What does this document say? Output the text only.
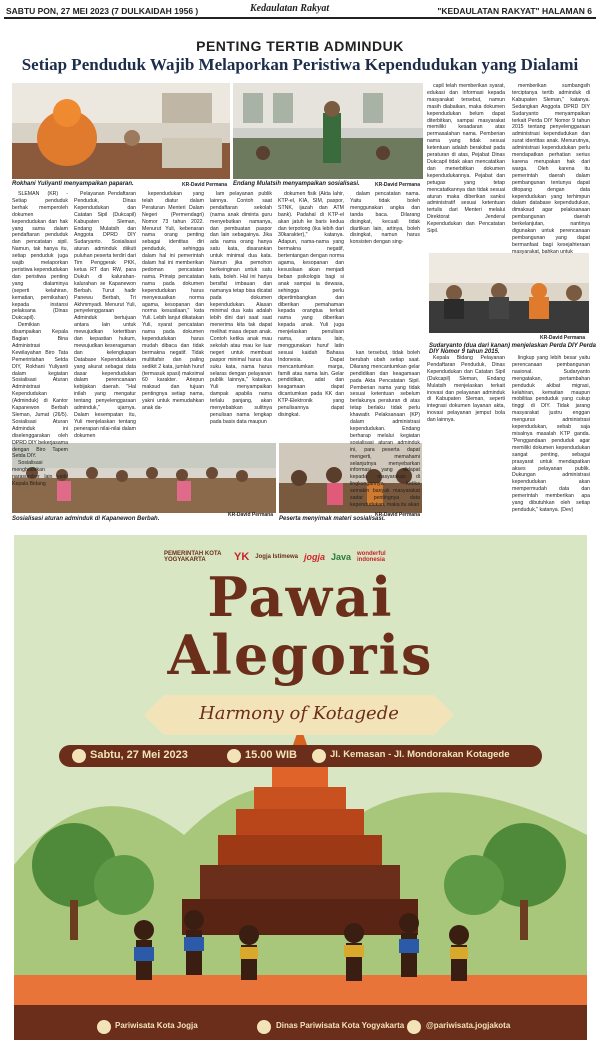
SABTU PON, 27 MEI 2023 (7 DULKAIDAH 1956 )	Kedaulatan Rakyat	"KEDAULATAN RAKYAT" HALAMAN 6
PENTING TERTIB ADMINDUK
Setiap Penduduk Wajib Melaporkan Peristiwa Kependudukan yang Dialami
Rokhani Yuliyanti menyampaikan paparan.	KR-David Permana Endang Mulatsih menyampaikan sosialisasi.	KR-David Permana
Sudaryanto (dua dari kanan) menjelaskan Perda DIY Perda DIY Nomor 9 tahun 2015.
KR-David Permana
Sosialisasi aturan adminduk di Kapanewon Berbah.
KR-David Permana
Peserta menyimak materi sosialisasi.
KR-David Permana

SLEMAN (KR) - Setiap penduduk berhak memperoleh dokumen kependudukan dan hak yang sama dalam pendaftaran penduduk dan pencatatan sipil. Namun, tak hanya itu, setiap penduduk juga wajib melaporkan peristiwa kependudukan dan peristiwa penting yang dialaminya (seperti kelahiran, kematian, pernikahan) kepada instansi pelaksana (Dinas Dukcapil).

Demikian disampaikan Kepala Bagian Bina Administrasi Kewilayahan Biro Tata Pemerintahan Setda DIY, Rokhani Yuliyanti dalam kegiatan Sosialisasi Aturan Administrasi Kependudukan (Adminduk) di Kantor Kapanewon Berbah Sleman, Jumat (26/5). Sosialisasi Aturan Adminduk ini diselenggarakan oleh DPRD DIY bekerjasama dengan Biro Tapem Setda DIY.

Sosialisasi menghadirkan narasumber lain yaitu Kepala Bidang

Pelayanan Pendaftaran Penduduk, Dinas Kependudukan dan Catatan Sipil (Dukcapil) Kabupaten Sleman, Endang Mulatsih dan Anggota DPRD DIY Sudaryanto. Sosialisasi aturan adminduk diikuti puluhan peserta terdiri dari Tim Penggerak PKK, ketua RT dan RW, para Dukuh di kalurahan-kalurahan se Kapanewon Berbah. Turut hadir Panewu Berbah, Tri Akhmmyadi. Menurut Yuli, penyelenggaraan Adminduk bertujuan antara lain untuk mewujudkan ketertiban dan kepastian hukum, mewujudkan keseragaman dan kelengkapan Database Kependudukan yang akurat sebagai data dasar kependudukan dalam perencanaan kebijakan daerah. "Hal inilah yang mengatur tentang penyelenggaraan adminduk," ujarnya. Dalam kesempatan itu, Yuli menjelaskan tentang penerapan nilai-nilai dalam dokumen

kependudukan yang telah diatur dalam Peraturan Menteri Dalam Negeri (Permendagri) Nomor 73 tahun 2022. Menurut Yuli, kebenaran nama orang penting sebagai identitas diri penduduk, sehingga dalam hal ini pemerintah dalam hal ini memberikan pedoman pencatatan nama. Prinsip pencatatan nama pada dokumen kependudukan harus menyesuaikan norma agama, kesopanan dan norma kesusilaan," kata Yuli. Lebih lanjut dikatakan Yuli, syarat pencatatan nama pada dokumen kependudukan harus mudah dibaca dan tidak bermakna negatif. Tidak multitafsir dan paling sedikit 2 kata, jumlah huruf (termasuk spasi) maksimal 60 karakter. Ariepun maksud dan tujuan pentingnya setiap nama, yakni untuk memudahkan anak da-

lam pelayanan publik lainnya. Contoh saat pendaftaran sekolah (nama anak diminta guru menyebutkan namanya, dan pembuatan paspor dan lain sebagainya. Jika ada nama orang hanya satu kata, disarankan untuk minimal dua kata. Namun jika pemohon berkeinginan untuk satu kata, boleh. Hal ini hanya bersifat imbauan dan namanya tetap bisa dicatat pada dokumen kependudukan. Alasan minimal dua kata adalah lebih dini dari saat saat menerima kita tak dapat melihat masa depan anak. Contoh ketika anak mau sekolah atau mau ke luar negeri untuk membuat paspor minimal harus dua suku kata, nama harus selaras dengan pelayanan publik lainnya," katanya. Yuli menyampaikan dampak apabila nama terlalu panjang, akan menyebabkan sulitnya penulisan nama lengkap pada basis data maupun

dokumen fisik (Akta lahir, KTP-el, KIA, SIM, paspor, STNK, ijazah dan ATM bank). Padahal di KTP-el akan jatuh ke baris kedua dan terpotong (ika lebih dari 30karakter)," katanya. Adapun, nama-nama yang bermakna negatif, bertentangan dengan norma agama, kesopanan dan kesusilaan akan menjadi beban psikologis bagi si anak sampai ia dewasa, sehingga perlu dipertimbangkan dan diberikan pemahaman kepada orangtua terkait nama yang diberikan kepada anak. Yuli juga menjelaskan penulisan nama, antara lain, menggunakan huruf latin sesuai kaidah Bahasa Indonesia. Dapat mencantumkan marga, famili atau nama lain. Gelar pendidikan, adat dan keagamaan dapat dicantumkan pada KK dan KTP-Elektronik yang penulisannya dapat disingkat.

dalam pencatatan nama. Yaitu tidak boleh menggunakan angka dan tanda baca. Dilarang disingkat, kecuali tidak diartikan lain, artinya, boleh disingkat, namun harus konsisten dengan sing-

capil telah memberikan syarat, edukasi dan informasi kepada masyarakat tersebut, namun masih diabaikan, maka dokumen kependudukan belum dapat diterbitkan, sampai masyarakat memiliki kesadaran atas permasalahan nama. Pemberian nama yang tidak sesuai ketentuan adalah berakibat pada peraturan di atas, Pejabat Dinas Dukcapil tidak akan mencatatkan dan menerbitkan dokumen kependudukannya. Pejabat dan petugas yang tetap mencatatkannya dan tidak sesuai aturan maka diberikan sanksi administratif sesuai ketentuan tertulis dari Menteri melalui Direktorat Jenderal Kependudukan dan Pencatatan Sipil.

memberikan sumbangsih terciptanya tertib adminduk di Kabupaten Sleman," katanya. Sedangkan Anggota DPRD DIY Sudaryanto menyampaikan terkait Perda DIY Nomor 9 tahun 2015 tentang penyelenggaraan administrasi kependudukan dan surat identitas anak. Menurutnya, administrasi kependudukan perlu mendapatkan perhatian serius karena merupakan hak dari warga. Oleh karena itu pemerintah daerah dalam pembangunan tentunya dapat ditopang dengan data kependudukan yang terhimpun dalam database kependudukan, dimaksud agar pelaksanaan pembangunan daerah berkelanjutan, nantinya digunakan untuk perencanaan pembangunan yang dapat bermanfaat bagi kesejahteraan masyarakat, bahkan untuk

kan tersebut, tidak boleh berubah ubah setiap saat. Dilarang mencantumkan gelar pendidikan dan keagamaan pada Akta Pencatatan Sipil. Pemberian nama yang tidak sesuai ketentuan sebelum berlakunya peraturan di atas tetap berlaku tidak perlu khawatir. Pelaksanaan (KP) dalam administrasi kependudukan. Endang berharap melalui kegiatan sosialisasi aturan adminduk ini, para peserta dapat mengerti, memahami selanjutnya menyebarkan informasi yang didapat kepada masyarakan di lingkungannya. Ketika semakin banyak masyarakat sadar pentingnya data kependudukan, maka itu akan

Kepala Bidang Pelayanan Pendaftaran Penduduk, Dinas Kependudukan dan Catatan Sipil (Dukcapil) Sleman, Endang Mulatsih menjelaskan terkait inovasi dan pelayanan adminduk di Kabupaten Sleman, seperti integrasi dokumen layanan akta, inovasi pelayanan jemput bola dan lainnya.

lingkup yang lebih besar yaitu perencanaan pembangunan nasional. Sudaryanto mengatakan, pertambahan penduduk akibat migrasi, kelahiran, kematian maupun mobilitas penduduk yang cukup tinggi di DIY. Tidak jarang masyarakat justru enggan mengurus administrasi kependudukan, sebab saja misalnya masalah KTP ganda. "Penggandaan penduduk agar memiliki dokumen kependudukan sangat penting, sebagai prasyarat untuk mendapatkan akses pelayanan publik. Dukungan administrasi kependudukan akan mempermudah data dan pemerintah memberikan apa yang dibutuhkan oleh setiap penduduk," katanya. (Dev)

PEMERINTAH KOTA YOGYAKARTA	YK Jogja Istimewa jogja Java wonderful indonesia
Pawai
Alegoris
Harmony of Kotagede
Sabtu, 27 Mei 2023	15.00 WIB	Jl. Kemasan - Jl. Mondorakan Kotagede
Pariwisata Kota Jogja	Dinas Pariwisata Kota Yogyakarta	@pariwisata.jogjakota
